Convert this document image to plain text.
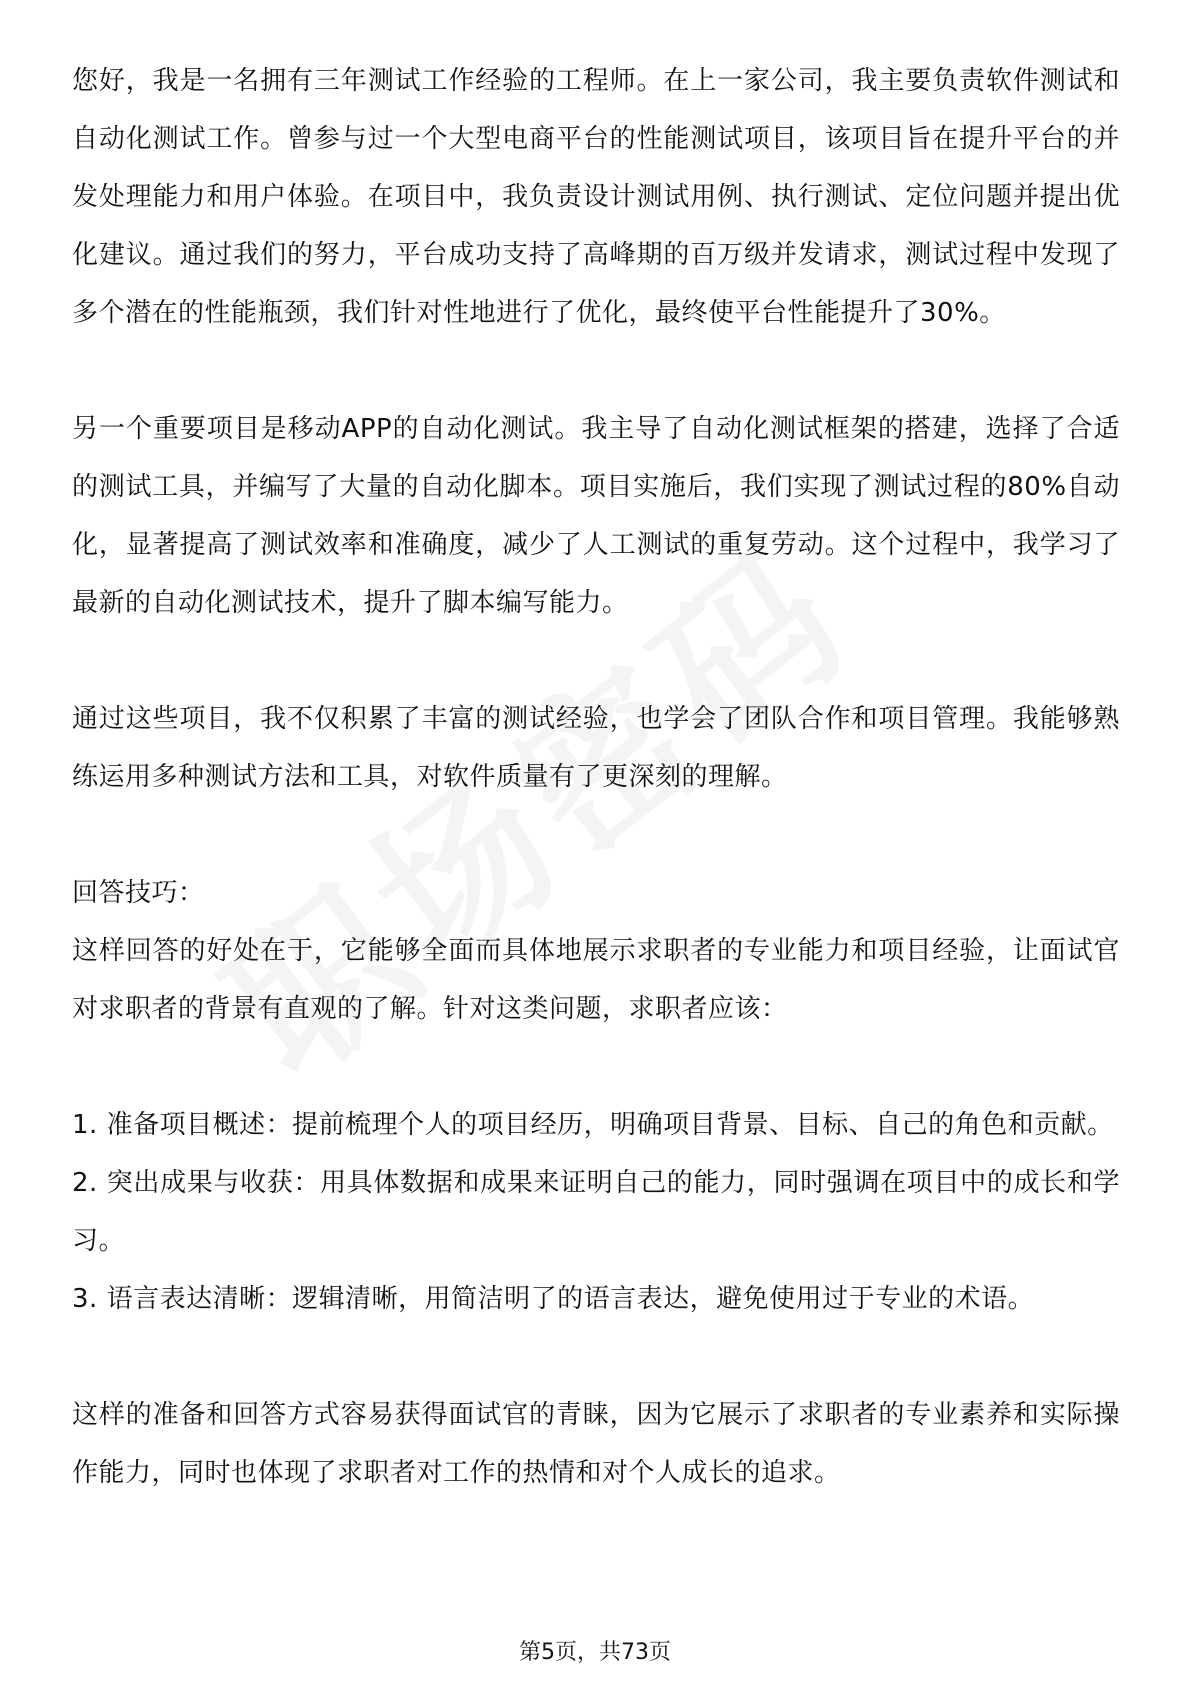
您好，我是一名拥有三年测试工作经验的工程师。在上一家公司，我主要负责软件测试和自动化测试工作。曾参与过一个大型电商平台的性能测试项目，该项目旨在提升平台的并发处理能力和用户体验。在项目中，我负责设计测试用例、执行测试、定位问题并提出优化建议。通过我们的努力，平台成功支持了高峰期的百万级并发请求，测试过程中发现了多个潜在的性能瓶颈，我们针对性地进行了优化，最终使平台性能提升了30%。

另一个重要项目是移动APP的自动化测试。我主导了自动化测试框架的搭建，选择了合适的测试工具，并编写了大量的自动化脚本。项目实施后，我们实现了测试过程的80%自动化，显著提高了测试效率和准确度，减少了人工测试的重复劳动。这个过程中，我学习了最新的自动化测试技术，提升了脚本编写能力。

通过这些项目，我不仅积累了丰富的测试经验，也学会了团队合作和项目管理。我能够熟练运用多种测试方法和工具，对软件质量有了更深刻的理解。

回答技巧：

这样回答的好处在于，它能够全面而具体地展示求职者的专业能力和项目经验，让面试官对求职者的背景有直观的了解。针对这类问题，求职者应该：

1. 准备项目概述：提前梳理个人的项目经历，明确项目背景、目标、自己的角色和贡献。

2. 突出成果与收获：用具体数据和成果来证明自己的能力，同时强调在项目中的成长和学习。

3. 语言表达清晰：逻辑清晰，用简洁明了的语言表达，避免使用过于专业的术语。

这样的准备和回答方式容易获得面试官的青睐，因为它展示了求职者的专业素养和实际操作能力，同时也体现了求职者对工作的热情和对个人成长的追求。

第5页，共73页
